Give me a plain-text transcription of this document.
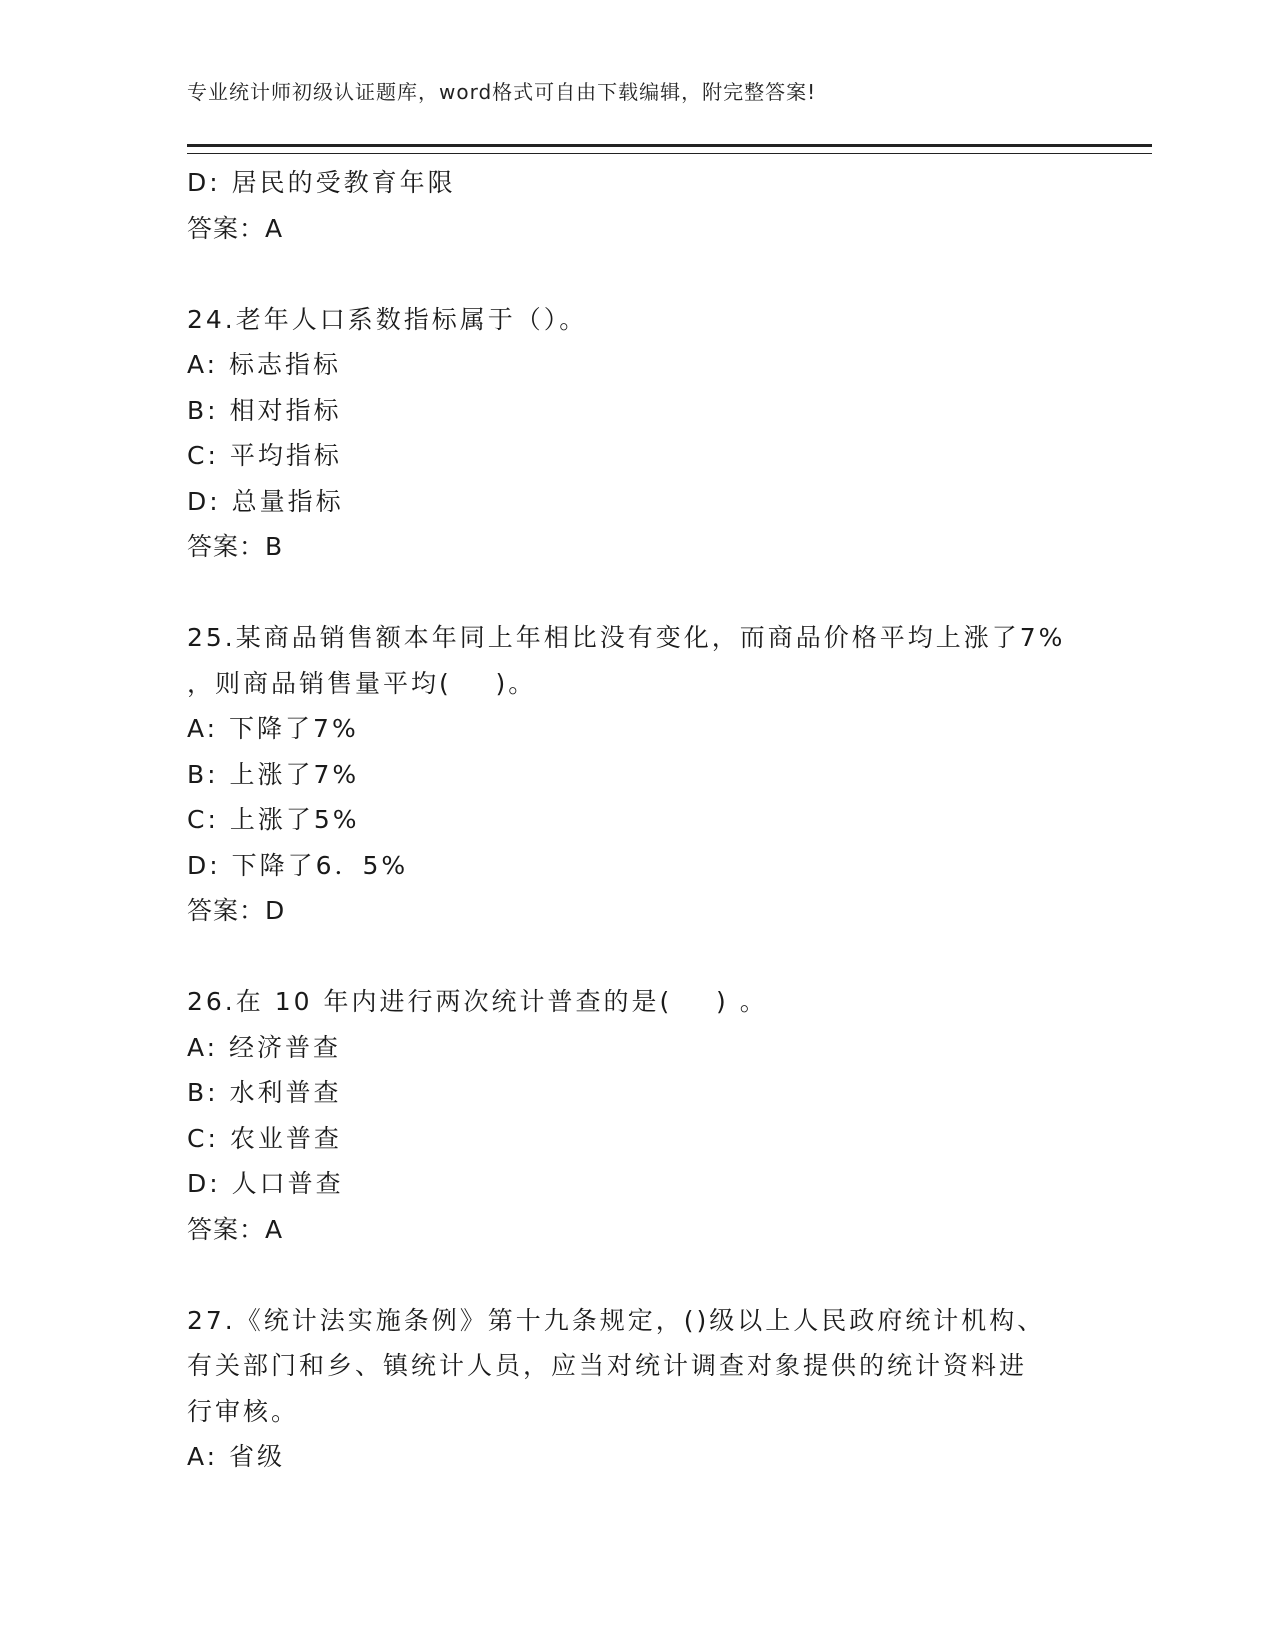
专业统计师初级认证题库，word格式可自由下载编辑，附完整答案!
D: 居民的受教育年限
答案：A
24.老年人口系数指标属于（）。
A: 标志指标
B: 相对指标
C: 平均指标
D: 总量指标
答案：B
25.某商品销售额本年同上年相比没有变化，而商品价格平均上涨了7%
，则商品销售量平均(    )。
A: 下降了7%
B: 上涨了7%
C: 上涨了5%
D: 下降了6．5%
答案：D
26.在 10 年内进行两次统计普查的是(    ) 。
A: 经济普查
B: 水利普查
C: 农业普查
D: 人口普查
答案：A
27.《统计法实施条例》第十九条规定，()级以上人民政府统计机构、
有关部门和乡、镇统计人员，应当对统计调查对象提供的统计资料进
行审核。
A: 省级
